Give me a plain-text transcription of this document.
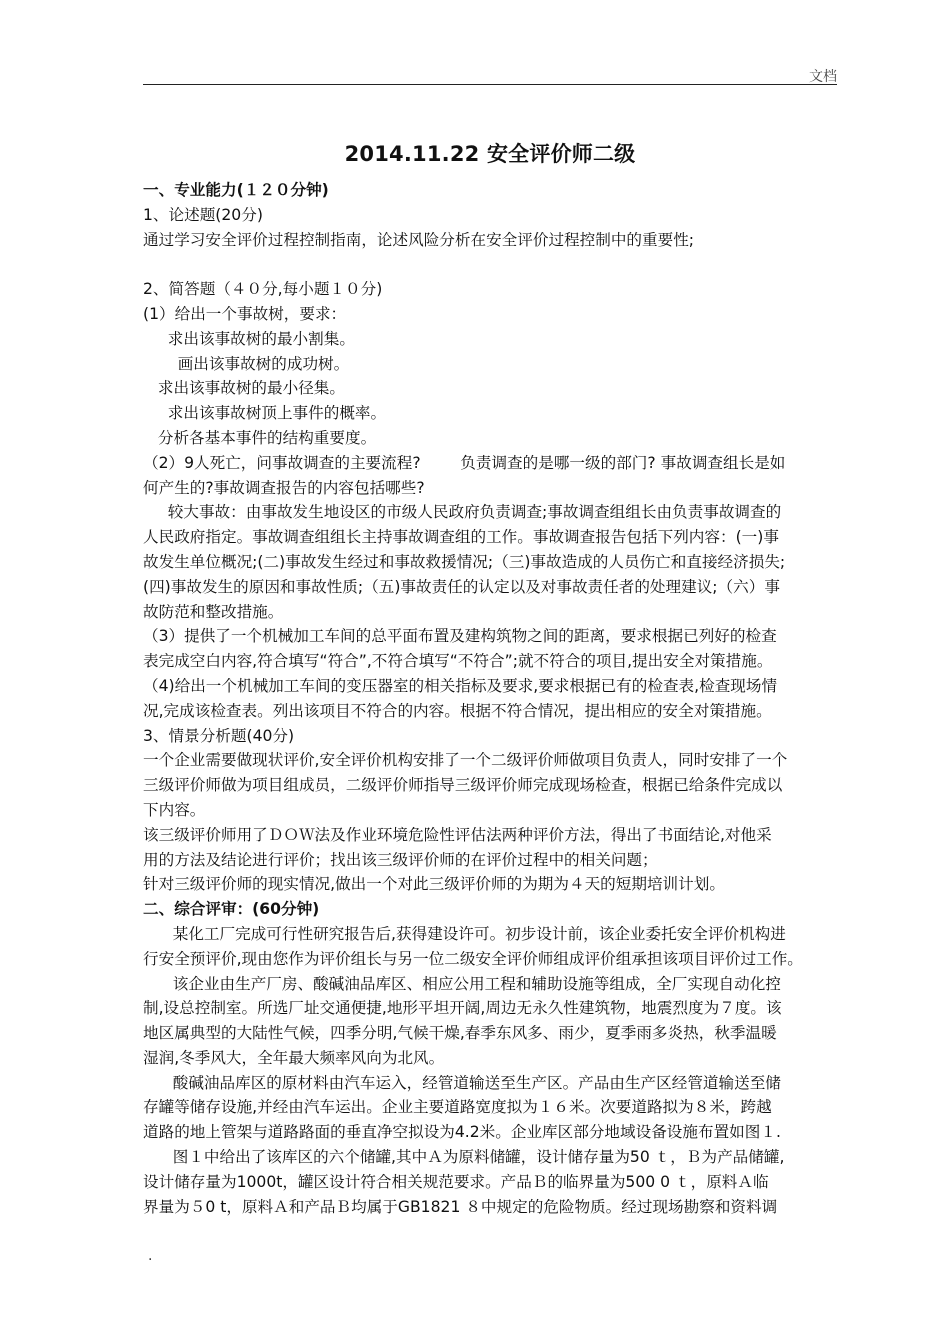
文档
2014.11.22 安全评价师二级

一、专业能力(１２０分钟)

1、论述题(20分)

通过学习安全评价过程控制指南，论述风险分析在安全评价过程控制中的重要性;

2、简答题（４０分,每小题１０分)

(1）给出一个事故树，要求：

求出该事故树的最小割集。

画出该事故树的成功树。

求出该事故树的最小径集。

求出该事故树顶上事件的概率。

分析各基本事件的结构重要度。

（2）9人死亡，问事故调查的主要流程?        负责调查的是哪一级的部门? 事故调查组长是如

何产生的?事故调查报告的内容包括哪些?

较大事故：由事故发生地设区的市级人民政府负责调查;事故调查组组长由负责事故调查的

人民政府指定。事故调查组组长主持事故调查组的工作。事故调查报告包括下列内容：(一)事

故发生单位概况;(二)事故发生经过和事故救援情况;（三)事故造成的人员伤亡和直接经济损失;

(四)事故发生的原因和事故性质;（五)事故责任的认定以及对事故责任者的处理建议;（六）事

故防范和整改措施。

（3）提供了一个机械加工车间的总平面布置及建构筑物之间的距离，要求根据已列好的检查

表完成空白内容,符合填写“符合”,不符合填写“不符合”;就不符合的项目,提出安全对策措施。

（4)给出一个机械加工车间的变压器室的相关指标及要求,要求根据已有的检查表,检查现场情

况,完成该检查表。列出该项目不符合的内容。根据不符合情况，提出相应的安全对策措施。

3、情景分析题(40分)

一个企业需要做现状评价,安全评价机构安排了一个二级评价师做项目负责人，同时安排了一个

三级评价师做为项目组成员，二级评价师指导三级评价师完成现场检查，根据已给条件完成以

下内容。

该三级评价师用了ＤＯＷ法及作业环境危险性评估法两种评价方法，得出了书面结论,对他采

用的方法及结论进行评价；找出该三级评价师的在评价过程中的相关问题；

针对三级评价师的现实情况,做出一个对此三级评价师的为期为４天的短期培训计划。

二、综合评审：(60分钟)

某化工厂完成可行性研究报告后,获得建设许可。初步设计前，该企业委托安全评价机构进

行安全预评价,现由您作为评价组长与另一位二级安全评价师组成评价组承担该项目评价过工作。

该企业由生产厂房、酸碱油品库区、相应公用工程和辅助设施等组成，全厂实现自动化控

制,设总控制室。所选厂址交通便捷,地形平坦开阔,周边无永久性建筑物，地震烈度为７度。该

地区属典型的大陆性气候，四季分明,气候干燥,春季东风多、雨少，夏季雨多炎热，秋季温暖

湿润,冬季风大，全年最大频率风向为北风。

酸碱油品库区的原材料由汽车运入，经管道输送至生产区。产品由生产区经管道输送至储

存罐等储存设施,并经由汽车运出。企业主要道路宽度拟为１６米。次要道路拟为８米，跨越

道路的地上管架与道路路面的垂直净空拟设为4.2米。企业库区部分地域设备设施布置如图１.

图１中给出了该库区的六个储罐,其中Ａ为原料储罐，设计储存量为50 ｔ，Ｂ为产品储罐,

设计储存量为1000t，罐区设计符合相关规范要求。产品Ｂ的临界量为500 0 ｔ，原料Ａ临

界量为５0 t，原料Ａ和产品Ｂ均属于GB1821 ８中规定的危险物质。经过现场勘察和资料调

.
